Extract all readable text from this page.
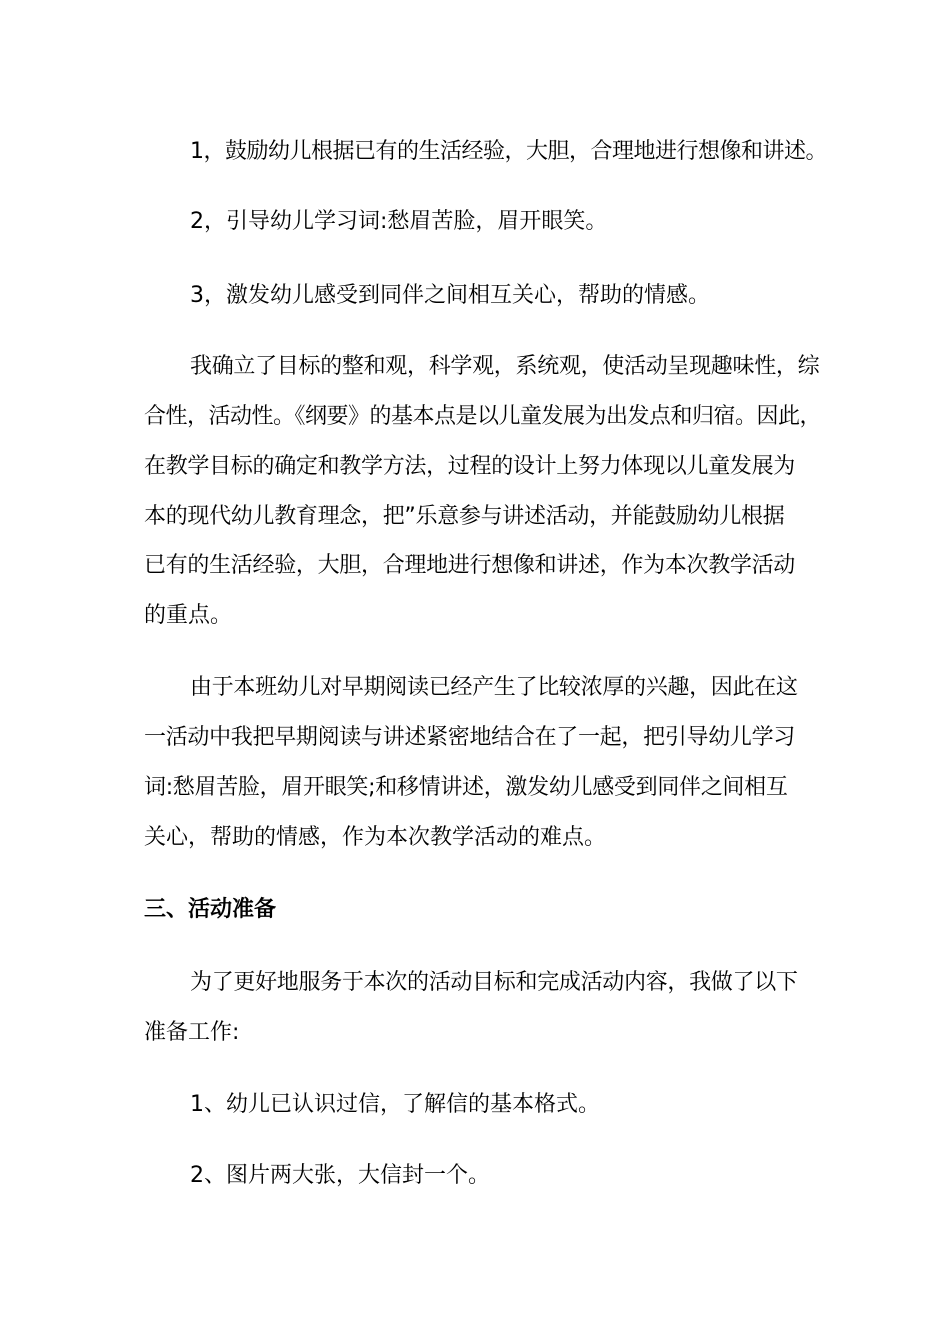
1，鼓励幼儿根据已有的生活经验，大胆，合理地进行想像和讲述。
2，引导幼儿学习词:愁眉苦脸，眉开眼笑。
3，激发幼儿感受到同伴之间相互关心，帮助的情感。
我确立了目标的整和观，科学观，系统观，使活动呈现趣味性，综
合性，活动性。《纲要》的基本点是以儿童发展为出发点和归宿。因此，
在教学目标的确定和教学方法，过程的设计上努力体现以儿童发展为
本的现代幼儿教育理念，把”乐意参与讲述活动，并能鼓励幼儿根据
已有的生活经验，大胆，合理地进行想像和讲述，作为本次教学活动
的重点。
由于本班幼儿对早期阅读已经产生了比较浓厚的兴趣，因此在这
一活动中我把早期阅读与讲述紧密地结合在了一起，把引导幼儿学习
词:愁眉苦脸，眉开眼笑;和移情讲述，激发幼儿感受到同伴之间相互
关心，帮助的情感，作为本次教学活动的难点。
三、活动准备
为了更好地服务于本次的活动目标和完成活动内容，我做了以下
准备工作:
1、幼儿已认识过信，了解信的基本格式。
2、图片两大张，大信封一个。
